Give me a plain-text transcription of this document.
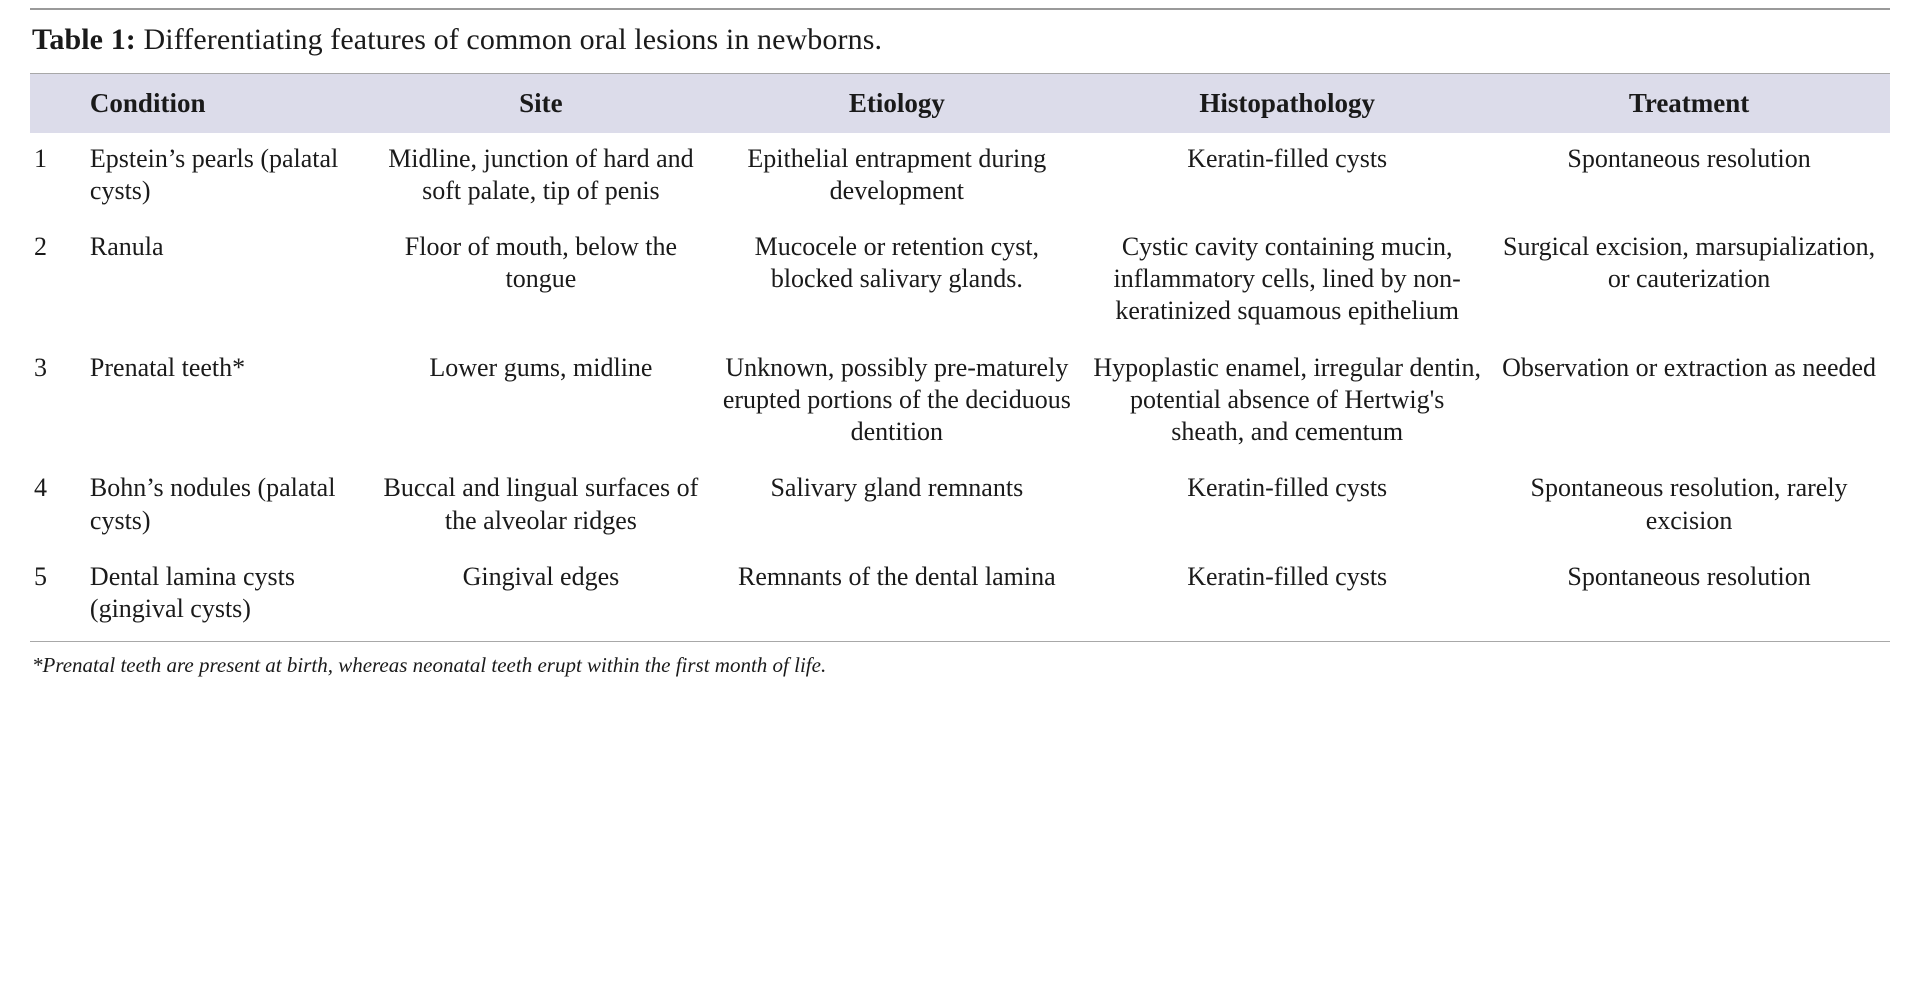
Table 1: Differentiating features of common oral lesions in newborns.
	Condition	Site	Etiology	Histopathology	Treatment
1	Epstein’s pearls (palatal cysts)	Midline, junction of hard and soft palate, tip of penis	Epithelial entrapment during development	Keratin-filled cysts	Spontaneous resolution
2	Ranula	Floor of mouth, below the tongue	Mucocele or retention cyst, blocked salivary glands.	Cystic cavity containing mucin, inflammatory cells, lined by non-keratinized squamous epithelium	Surgical excision, marsupialization, or cauterization
3	Prenatal teeth*	Lower gums, midline	Unknown, possibly pre-maturely erupted portions of the deciduous dentition	Hypoplastic enamel, irregular dentin, potential absence of Hertwig's sheath, and cementum	Observation or extraction as needed
4	Bohn’s nodules (palatal cysts)	Buccal and lingual surfaces of the alveolar ridges	Salivary gland remnants	Keratin-filled cysts	Spontaneous resolution, rarely excision
5	Dental lamina cysts (gingival cysts)	Gingival edges	Remnants of the dental lamina	Keratin-filled cysts	Spontaneous resolution
*Prenatal teeth are present at birth, whereas neonatal teeth erupt within the first month of life.
